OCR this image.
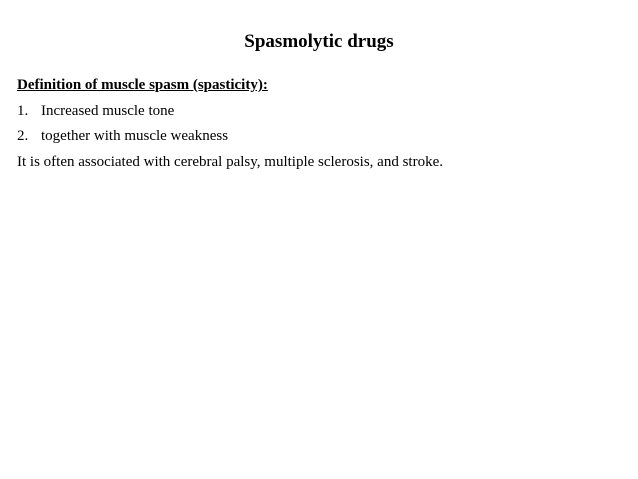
Spasmolytic drugs
Definition of muscle spasm (spasticity):
1. Increased muscle tone
2. together with muscle weakness
It is often associated with cerebral palsy, multiple sclerosis, and stroke.
